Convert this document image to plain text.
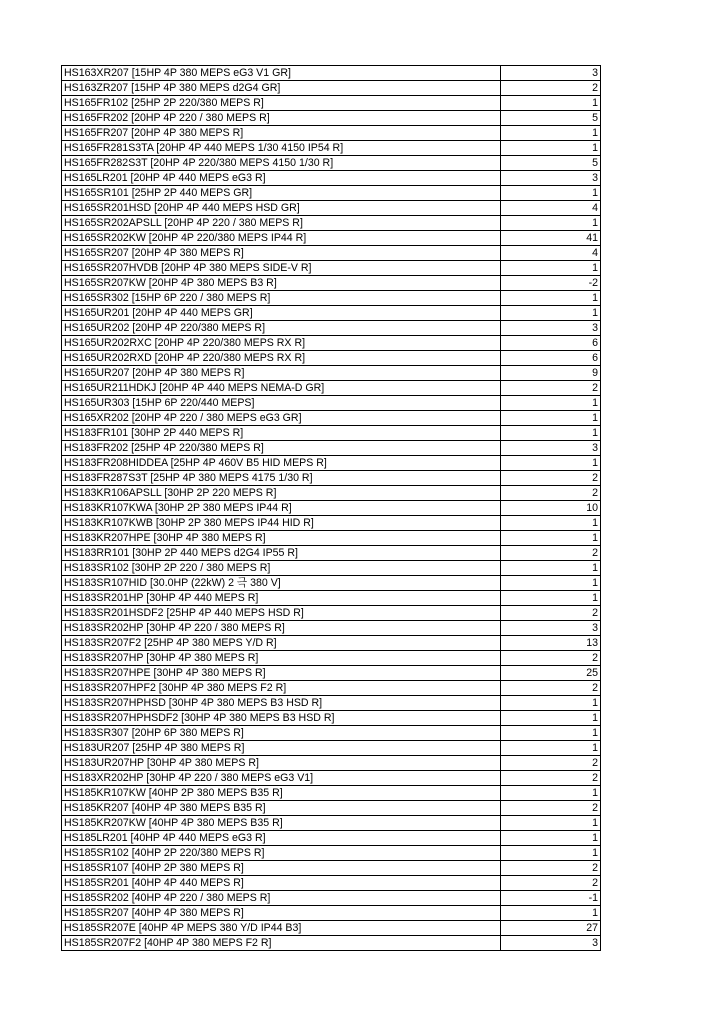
HS163XR207 [15HP 4P 380 MEPS eG3 V1 GR]	3
HS163ZR207 [15HP 4P 380 MEPS d2G4 GR]	2
HS165FR102 [25HP 2P 220/380 MEPS R]	1
HS165FR202 [20HP 4P 220 / 380 MEPS R]	5
HS165FR207 [20HP 4P 380 MEPS R]	1
HS165FR281S3TA [20HP 4P 440 MEPS 1/30 4150 IP54 R]	1
HS165FR282S3T [20HP 4P 220/380 MEPS 4150 1/30 R]	5
HS165LR201 [20HP 4P 440 MEPS eG3 R]	3
HS165SR101 [25HP 2P 440 MEPS GR]	1
HS165SR201HSD [20HP 4P 440 MEPS HSD GR]	4
HS165SR202APSLL [20HP 4P 220 / 380 MEPS R]	1
HS165SR202KW [20HP 4P 220/380 MEPS IP44 R]	41
HS165SR207 [20HP 4P 380 MEPS R]	4
HS165SR207HVDB [20HP 4P 380 MEPS SIDE-V R]	1
HS165SR207KW [20HP 4P 380 MEPS B3 R]	-2
HS165SR302 [15HP 6P 220 / 380 MEPS R]	1
HS165UR201 [20HP 4P 440 MEPS GR]	1
HS165UR202 [20HP 4P 220/380 MEPS R]	3
HS165UR202RXC [20HP 4P 220/380 MEPS RX R]	6
HS165UR202RXD [20HP 4P 220/380 MEPS RX R]	6
HS165UR207 [20HP 4P 380 MEPS R]	9
HS165UR211HDKJ [20HP 4P 440 MEPS NEMA-D GR]	2
HS165UR303 [15HP 6P 220/440 MEPS]	1
HS165XR202 [20HP 4P 220 / 380 MEPS eG3 GR]	1
HS183FR101 [30HP 2P 440 MEPS R]	1
HS183FR202 [25HP 4P 220/380 MEPS R]	3
HS183FR208HIDDEA [25HP 4P 460V B5 HID MEPS R]	1
HS183FR287S3T [25HP 4P 380 MEPS 4175 1/30 R]	2
HS183KR106APSLL [30HP 2P 220 MEPS R]	2
HS183KR107KWA [30HP 2P 380 MEPS IP44 R]	10
HS183KR107KWB [30HP 2P 380 MEPS IP44 HID R]	1
HS183KR207HPE [30HP 4P 380 MEPS R]	1
HS183RR101 [30HP 2P 440 MEPS d2G4 IP55 R]	2
HS183SR102 [30HP 2P 220 / 380 MEPS R]	1
HS183SR107HID [30.0HP (22kW) 2 극 380 V]	1
HS183SR201HP [30HP 4P 440 MEPS R]	1
HS183SR201HSDF2 [25HP 4P 440 MEPS HSD R]	2
HS183SR202HP [30HP 4P 220 / 380 MEPS R]	3
HS183SR207F2 [25HP 4P 380 MEPS Y/D R]	13
HS183SR207HP [30HP 4P 380 MEPS R]	2
HS183SR207HPE [30HP 4P 380 MEPS R]	25
HS183SR207HPF2 [30HP 4P 380 MEPS F2 R]	2
HS183SR207HPHSD [30HP 4P 380 MEPS B3 HSD R]	1
HS183SR207HPHSDF2 [30HP 4P 380 MEPS B3 HSD R]	1
HS183SR307 [20HP 6P 380 MEPS R]	1
HS183UR207 [25HP 4P 380 MEPS R]	1
HS183UR207HP [30HP 4P 380 MEPS R]	2
HS183XR202HP [30HP 4P 220 / 380 MEPS eG3 V1]	2
HS185KR107KW [40HP 2P 380 MEPS B35 R]	1
HS185KR207 [40HP 4P 380 MEPS B35 R]	2
HS185KR207KW [40HP 4P 380 MEPS B35 R]	1
HS185LR201 [40HP 4P 440 MEPS eG3 R]	1
HS185SR102 [40HP 2P 220/380 MEPS R]	1
HS185SR107 [40HP 2P 380 MEPS R]	2
HS185SR201 [40HP 4P 440 MEPS R]	2
HS185SR202 [40HP 4P 220 / 380 MEPS R]	-1
HS185SR207 [40HP 4P 380 MEPS R]	1
HS185SR207E [40HP 4P MEPS 380 Y/D IP44 B3]	27
HS185SR207F2 [40HP 4P 380 MEPS F2 R]	3
